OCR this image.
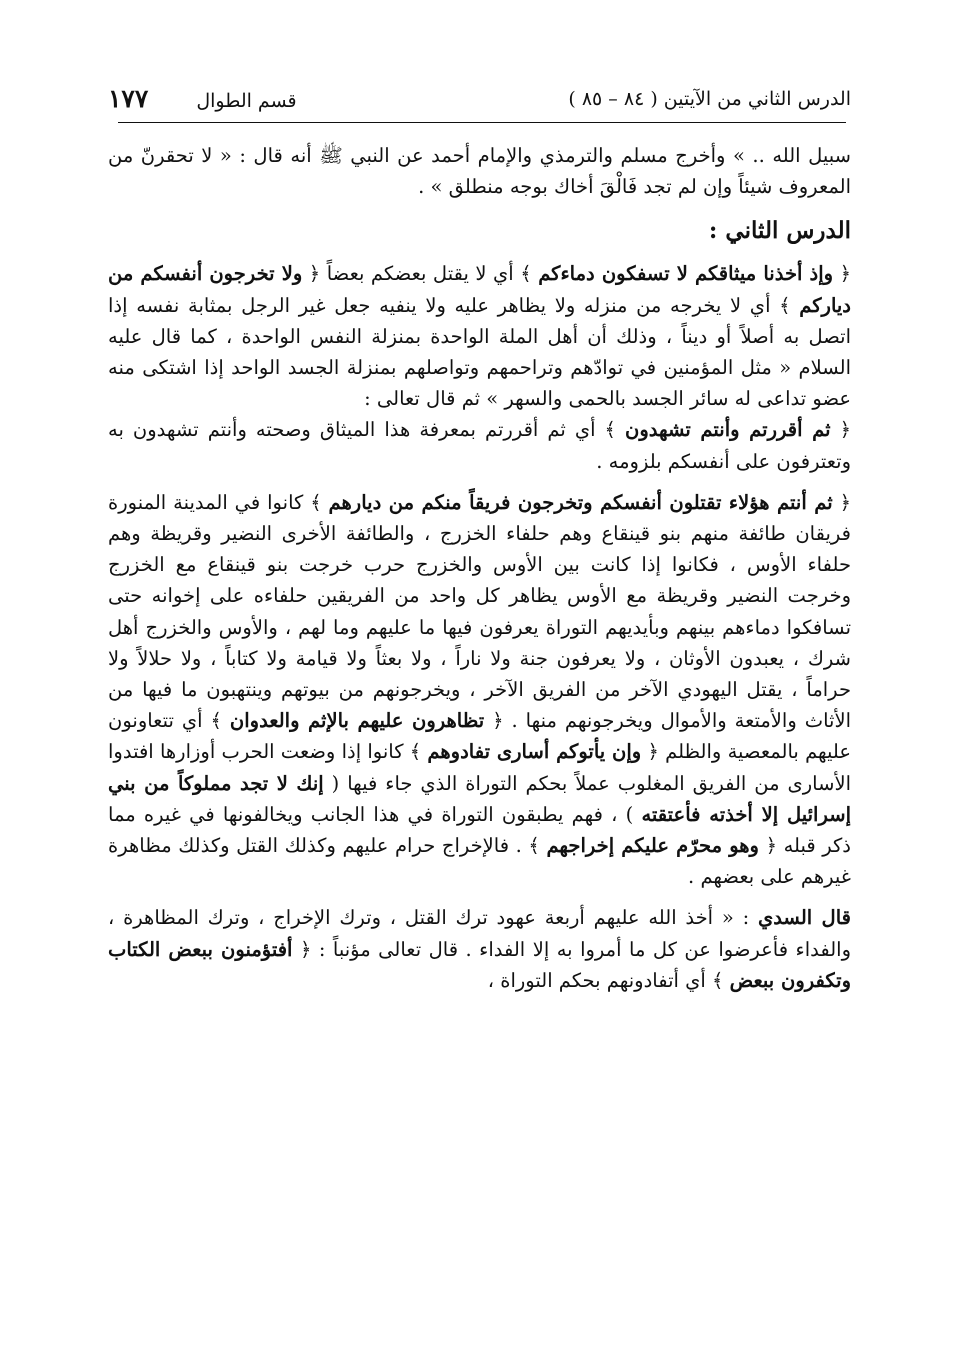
الدرس الثاني من الآيتين ( ٨٤ – ٨٥ )
قسم الطوال ١٧٧

سبيل الله .. » وأخرج مسلم والترمذي والإمام أحمد عن النبي ﷺ أنه قال : « لا تحقرنّ من المعروف شيئاً وإن لم تجد فَالْقَ أخاك بوجه منطلق » .

الدرس الثاني :

﴿ وإذ أخذنا ميثاقكم لا تسفكون دماءكم ﴾ أي لا يقتل بعضكم بعضاً ﴿ ولا تخرجون أنفسكم من دياركم ﴾ أي لا يخرجه من منزله ولا يظاهر عليه ولا ينفيه جعل غير الرجل بمثابة نفسه إذا اتصل به أصلاً أو ديناً ، وذلك أن أهل الملة الواحدة بمنزلة النفس الواحدة ، كما قال عليه السلام « مثل المؤمنين في توادّهم وتراحمهم وتواصلهم بمنزلة الجسد الواحد إذا اشتكى منه عضو تداعى له سائر الجسد بالحمى والسهر » ثم قال تعالى :

﴿ ثم أقررتم وأنتم تشهدون ﴾ أي ثم أقررتم بمعرفة هذا الميثاق وصحته وأنتم تشهدون به وتعترفون على أنفسكم بلزومه .

﴿ ثم أنتم هؤلاء تقتلون أنفسكم وتخرجون فريقاً منكم من ديارهم ﴾ كانوا في المدينة المنورة فريقان طائفة منهم بنو قينقاع وهم حلفاء الخزرج ، والطائفة الأخرى النضير وقريظة وهم حلفاء الأوس ، فكانوا إذا كانت بين الأوس والخزرج حرب خرجت بنو قينقاع مع الخزرج وخرجت النضير وقريظة مع الأوس يظاهر كل واحد من الفريقين حلفاءه على إخوانه حتى تسافكوا دماءهم بينهم وبأيديهم التوراة يعرفون فيها ما عليهم وما لهم ، والأوس والخزرج أهل شرك ، يعبدون الأوثان ، ولا يعرفون جنة ولا ناراً ، ولا بعثاً ولا قيامة ولا كتاباً ، ولا حلالاً ولا حراماً ، يقتل اليهودي الآخر من الفريق الآخر ، ويخرجونهم من بيوتهم وينتهبون ما فيها من الأثاث والأمتعة والأموال ويخرجونهم منها . ﴿ تظاهرون عليهم بالإثم والعدوان ﴾ أي تتعاونون عليهم بالمعصية والظلم ﴿ وإن يأتوكم أسارى تفادوهم ﴾ كانوا إذا وضعت الحرب أوزارها افتدوا الأسارى من الفريق المغلوب عملاً بحكم التوراة الذي جاء فيها ( إنك لا تجد مملوكاً من بني إسرائيل إلا أخذته فأعتقته ) ، فهم يطبقون التوراة في هذا الجانب ويخالفونها في غيره مما ذكر قبله ﴿ وهو محرّم عليكم إخراجهم ﴾ . فالإخراج حرام عليهم وكذلك القتل وكذلك مظاهرة غيرهم على بعضهم .

قال السدي : « أخذ الله عليهم أربعة عهود ترك القتل ، وترك الإخراج ، وترك المظاهرة ، والفداء فأعرضوا عن كل ما أمروا به إلا الفداء . قال تعالى مؤنباً : ﴿ أفتؤمنون ببعض الكتاب وتكفرون ببعض ﴾ أي أتفادونهم بحكم التوراة ،
